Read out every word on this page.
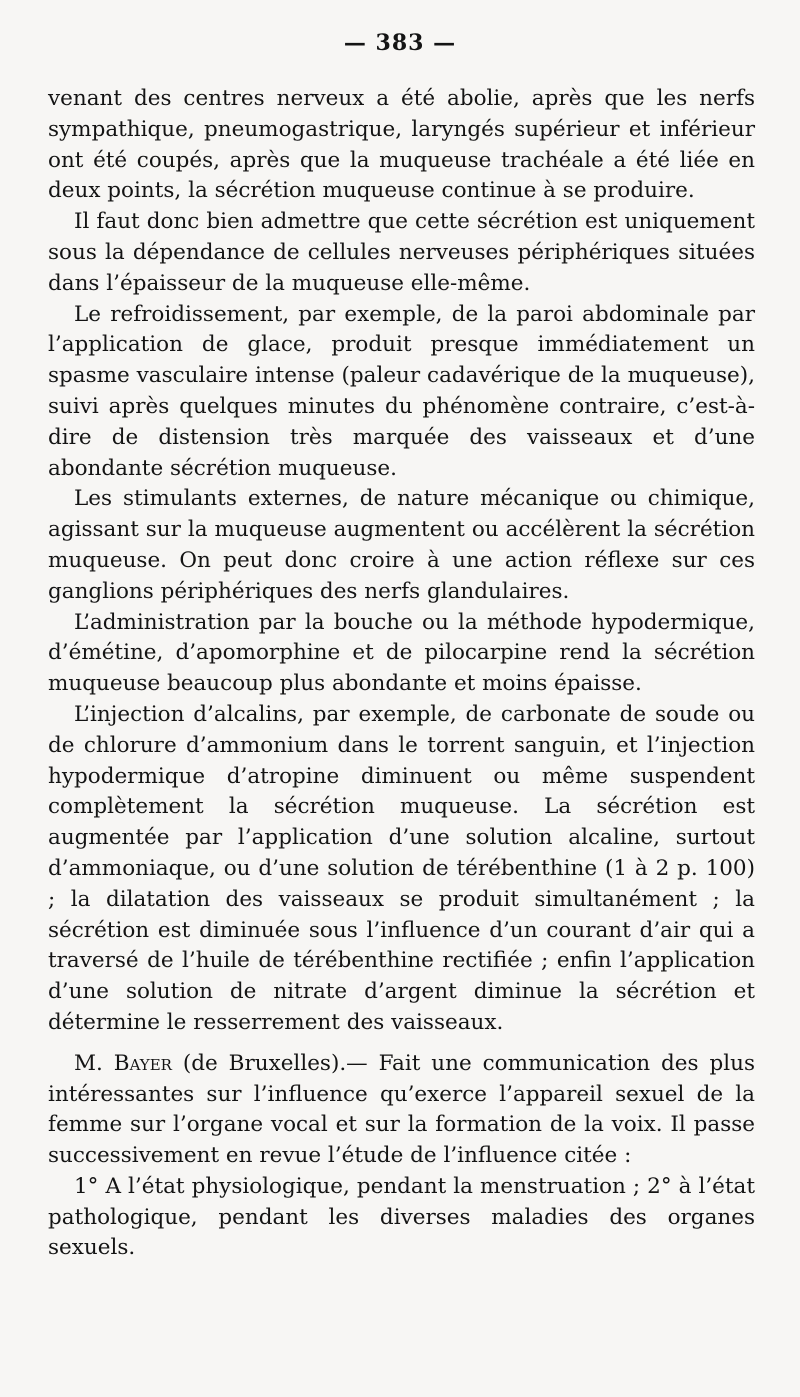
— 383 —

venant des centres nerveux a été abolie, après que les nerfs sympathique, pneumogastrique, laryngés supérieur et inférieur ont été coupés, après que la muqueuse trachéale a été liée en deux points, la sécrétion muqueuse continue à se produire.

Il faut donc bien admettre que cette sécrétion est uniquement sous la dépendance de cellules nerveuses périphériques situées dans l’épaisseur de la muqueuse elle-même.

Le refroidissement, par exemple, de la paroi abdominale par l’application de glace, produit presque immédiatement un spasme vasculaire intense (paleur cadavérique de la muqueuse), suivi après quelques minutes du phénomène contraire, c’est-à-dire de distension très marquée des vaisseaux et d’une abondante sécrétion muqueuse.

Les stimulants externes, de nature mécanique ou chimique, agissant sur la muqueuse augmentent ou accélèrent la sécrétion muqueuse. On peut donc croire à une action réflexe sur ces ganglions périphériques des nerfs glandulaires.

L’administration par la bouche ou la méthode hypodermique, d’émétine, d’apomorphine et de pilocarpine rend la sécrétion muqueuse beaucoup plus abondante et moins épaisse.

L’injection d’alcalins, par exemple, de carbonate de soude ou de chlorure d’ammonium dans le torrent sanguin, et l’injection hypodermique d’atropine diminuent ou même suspendent complètement la sécrétion muqueuse. La sécrétion est augmentée par l’application d’une solution alcaline, surtout d’ammoniaque, ou d’une solution de térébenthine (1 à 2 p. 100) ; la dilatation des vaisseaux se produit simultanément ; la sécrétion est diminuée sous l’influence d’un courant d’air qui a traversé de l’huile de térébenthine rectifiée ; enfin l’application d’une solution de nitrate d’argent diminue la sécrétion et détermine le resserrement des vaisseaux.

M. Bayer (de Bruxelles).— Fait une communication des plus intéressantes sur l’influence qu’exerce l’appareil sexuel de la femme sur l’organe vocal et sur la formation de la voix. Il passe successivement en revue l’étude de l’influence citée :

1° A l’état physiologique, pendant la menstruation ; 2° à l’état pathologique, pendant les diverses maladies des organes sexuels.
